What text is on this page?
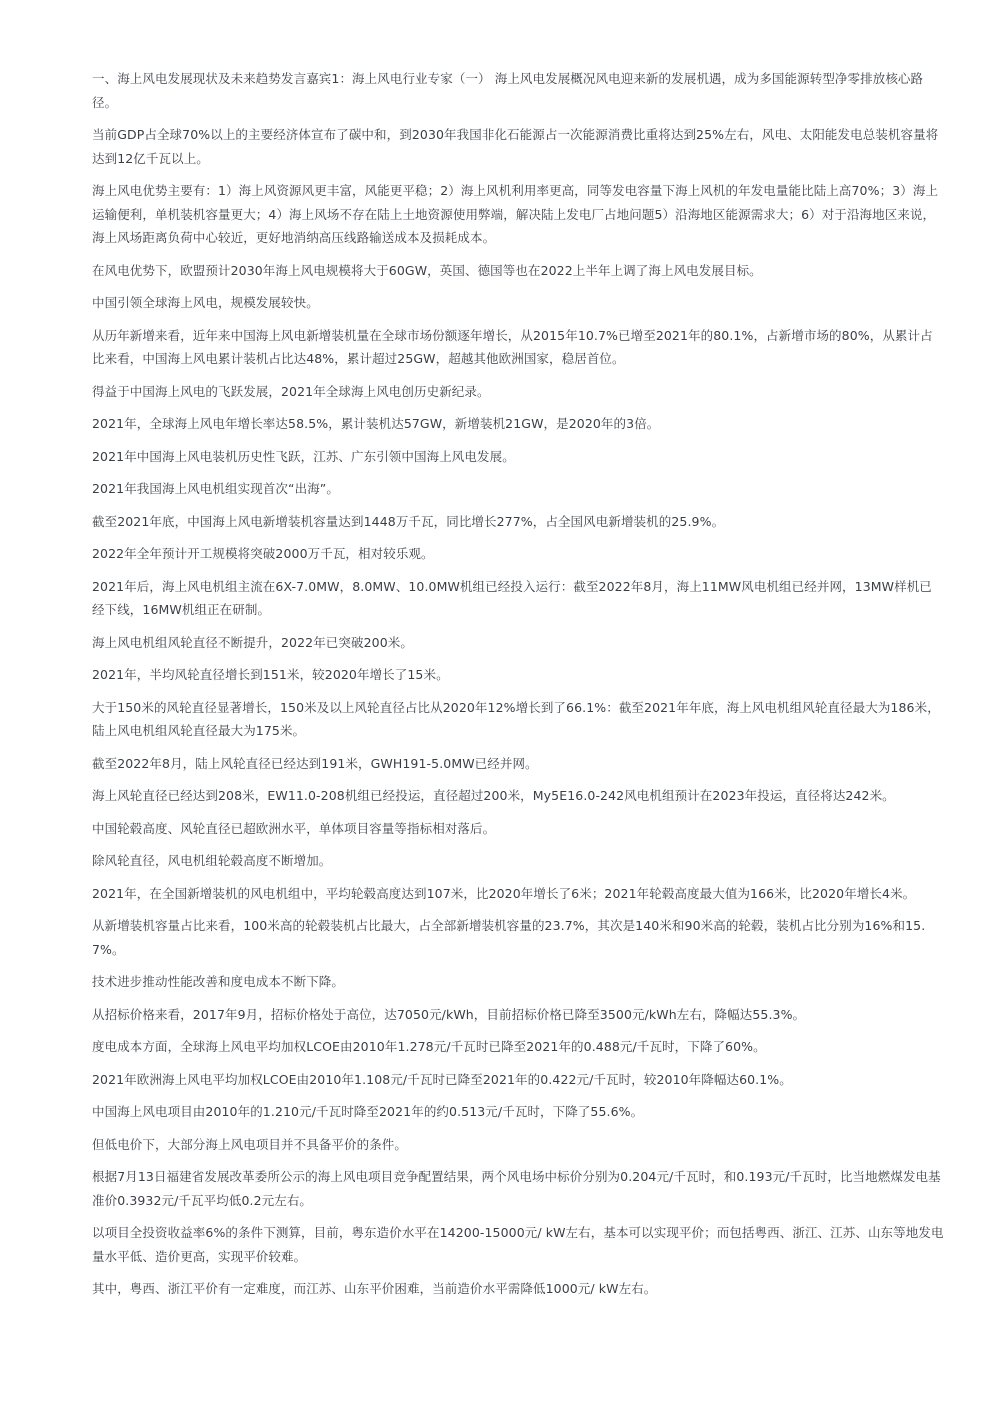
一、海上风电发展现状及未来趋势发言嘉宾1：海上风电行业专家（一） 海上风电发展概况风电迎来新的发展机遇，成为多国能源转型净零排放核心路径。

当前GDP占全球70%以上的主要经济体宣布了碳中和，到2030年我国非化石能源占一次能源消费比重将达到25%左右，风电、太阳能发电总装机容量将达到12亿千瓦以上。

海上风电优势主要有：1）海上风资源风更丰富，风能更平稳；2）海上风机利用率更高，同等发电容量下海上风机的年发电量能比陆上高70%；3）海上运输便利，单机装机容量更大；4）海上风场不存在陆上土地资源使用弊端，解决陆上发电厂占地问题5）沿海地区能源需求大；6）对于沿海地区来说，海上风场距离负荷中心较近，更好地消纳高压线路输送成本及损耗成本。

在风电优势下，欧盟预计2030年海上风电规模将大于60GW，英国、德国等也在2022上半年上调了海上风电发展目标。

中国引领全球海上风电，规模发展较快。

从历年新增来看，近年来中国海上风电新增装机量在全球市场份额逐年增长，从2015年10.7%已增至2021年的80.1%，占新增市场的80%，从累计占比来看，中国海上风电累计装机占比达48%，累计超过25GW，超越其他欧洲国家，稳居首位。

得益于中国海上风电的飞跃发展，2021年全球海上风电创历史新纪录。

2021年，全球海上风电年增长率达58.5%，累计装机达57GW，新增装机21GW，是2020年的3倍。

2021年中国海上风电装机历史性飞跃，江苏、广东引领中国海上风电发展。

2021年我国海上风电机组实现首次“出海”。

截至2021年底，中国海上风电新增装机容量达到1448万千瓦，同比增长277%，占全国风电新增装机的25.9%。

2022年全年预计开工规模将突破2000万千瓦，相对较乐观。

2021年后，海上风电机组主流在6X-7.0MW，8.0MW、10.0MW机组已经投入运行：截至2022年8月，海上11MW风电机组已经并网，13MW样机已经下线，16MW机组正在研制。

海上风电机组风轮直径不断提升，2022年已突破200米。

2021年，半均风轮直径增长到151米，较2020年增长了15米。

大于150米的风轮直径显著增长，150米及以上风轮直径占比从2020年12%增长到了66.1%：截至2021年年底，海上风电机组风轮直径最大为186米，陆上风电机组风轮直径最大为175米。

截至2022年8月，陆上风轮直径已经达到191米，GWH191-5.0MW已经并网。

海上风轮直径已经达到208米，EW11.0-208机组已经投运，直径超过200米，My5E16.0-242风电机组预计在2023年投运，直径将达242米。

中国轮毂高度、风轮直径已超欧洲水平，单体项目容量等指标相对落后。

除风轮直径，风电机组轮毂高度不断增加。

2021年，在全国新增装机的风电机组中，平均轮毂高度达到107米，比2020年增长了6米；2021年轮毂高度最大值为166米，比2020年增长4米。

从新增装机容量占比来看，100米高的轮毂装机占比最大，占全部新增装机容量的23.7%，其次是140米和90米高的轮毂，装机占比分别为16%和15.7%。

技术进步推动性能改善和度电成本不断下降。

从招标价格来看，2017年9月，招标价格处于高位，达7050元/kWh，目前招标价格已降至3500元/kWh左右，降幅达55.3%。

度电成本方面，全球海上风电平均加权LCOE由2010年1.278元/千瓦时已降至2021年的0.488元/千瓦时，下降了60%。

2021年欧洲海上风电平均加权LCOE由2010年1.108元/千瓦时已降至2021年的0.422元/千瓦时，较2010年降幅达60.1%。

中国海上风电项目由2010年的1.210元/千瓦时降至2021年的约0.513元/千瓦时，下降了55.6%。

但低电价下，大部分海上风电项目并不具备平价的条件。

根据7月13日福建省发展改革委所公示的海上风电项目竞争配置结果，两个风电场中标价分别为0.204元/千瓦时，和0.193元/千瓦时，比当地燃煤发电基准价0.3932元/千瓦平均低0.2元左右。

以项目全投资收益率6%的条件下测算，目前，粤东造价水平在14200-15000元/ kW左右，基本可以实现平价；而包括粤西、浙江、江苏、山东等地发电量水平低、造价更高，实现平价较难。

其中，粤西、浙江平价有一定难度，而江苏、山东平价困难，当前造价水平需降低1000元/ kW左右。
